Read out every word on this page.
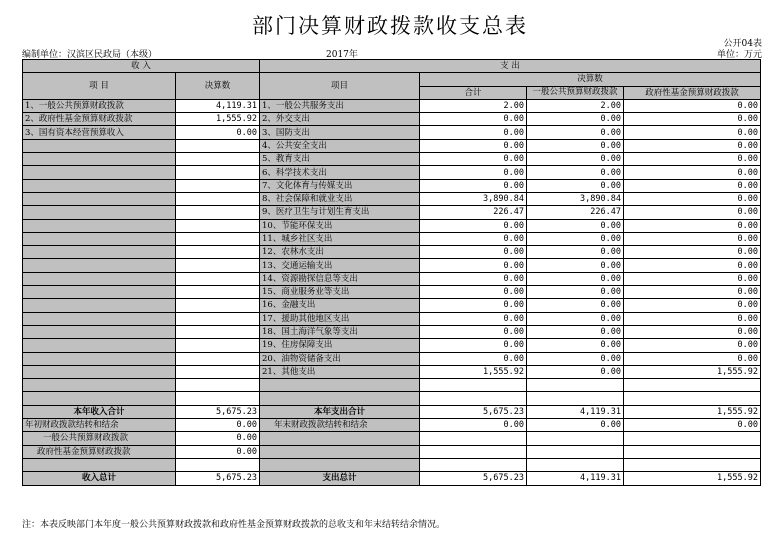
部门决算财政拨款收支总表
公开04表
编制单位：汉滨区民政局（本级）	2017年	单位：万元
收 入		支 出			
项 目	决算数	项目	决算数		
			合计	一般公共预算财政拨款	政府性基金预算财政拨款

1、一般公共预算财政拨款	4,119.31	1、一般公共服务支出	2.00	2.00	0.00
2、政府性基金预算财政拨款	1,555.92	2、外交支出	0.00	0.00	0.00
3、国有资本经营预算收入	0.00	3、国防支出	0.00	0.00	0.00
		4、公共安全支出	0.00	0.00	0.00
		5、教育支出	0.00	0.00	0.00
		6、科学技术支出	0.00	0.00	0.00
		7、文化体育与传媒支出	0.00	0.00	0.00
		8、社会保障和就业支出	3,890.84	3,890.84	0.00
		9、医疗卫生与计划生育支出	226.47	226.47	0.00
		10、节能环保支出	0.00	0.00	0.00
		11、城乡社区支出	0.00	0.00	0.00
		12、农林水支出	0.00	0.00	0.00
		13、交通运输支出	0.00	0.00	0.00
		14、资源勘探信息等支出	0.00	0.00	0.00
		15、商业服务业等支出	0.00	0.00	0.00
		16、金融支出	0.00	0.00	0.00
		17、援助其他地区支出	0.00	0.00	0.00
		18、国土海洋气象等支出	0.00	0.00	0.00
		19、住房保障支出	0.00	0.00	0.00
		20、油物资储备支出	0.00	0.00	0.00
		21、其他支出	1,555.92	0.00	1,555.92

本年收入合计	5,675.23	本年支出合计	5,675.23	4,119.31	1,555.92
年初财政拨款结转和结余	0.00	年末财政拨款结转和结余	0.00	0.00	0.00
一般公共预算财政拨款	0.00				
政府性基金预算财政拨款	0.00				

收入总计	5,675.23	支出总计	5,675.23	4,119.31	1,555.92
注：本表反映部门本年度一般公共预算财政拨款和政府性基金预算财政拨款的总收支和年末结转结余情况。
